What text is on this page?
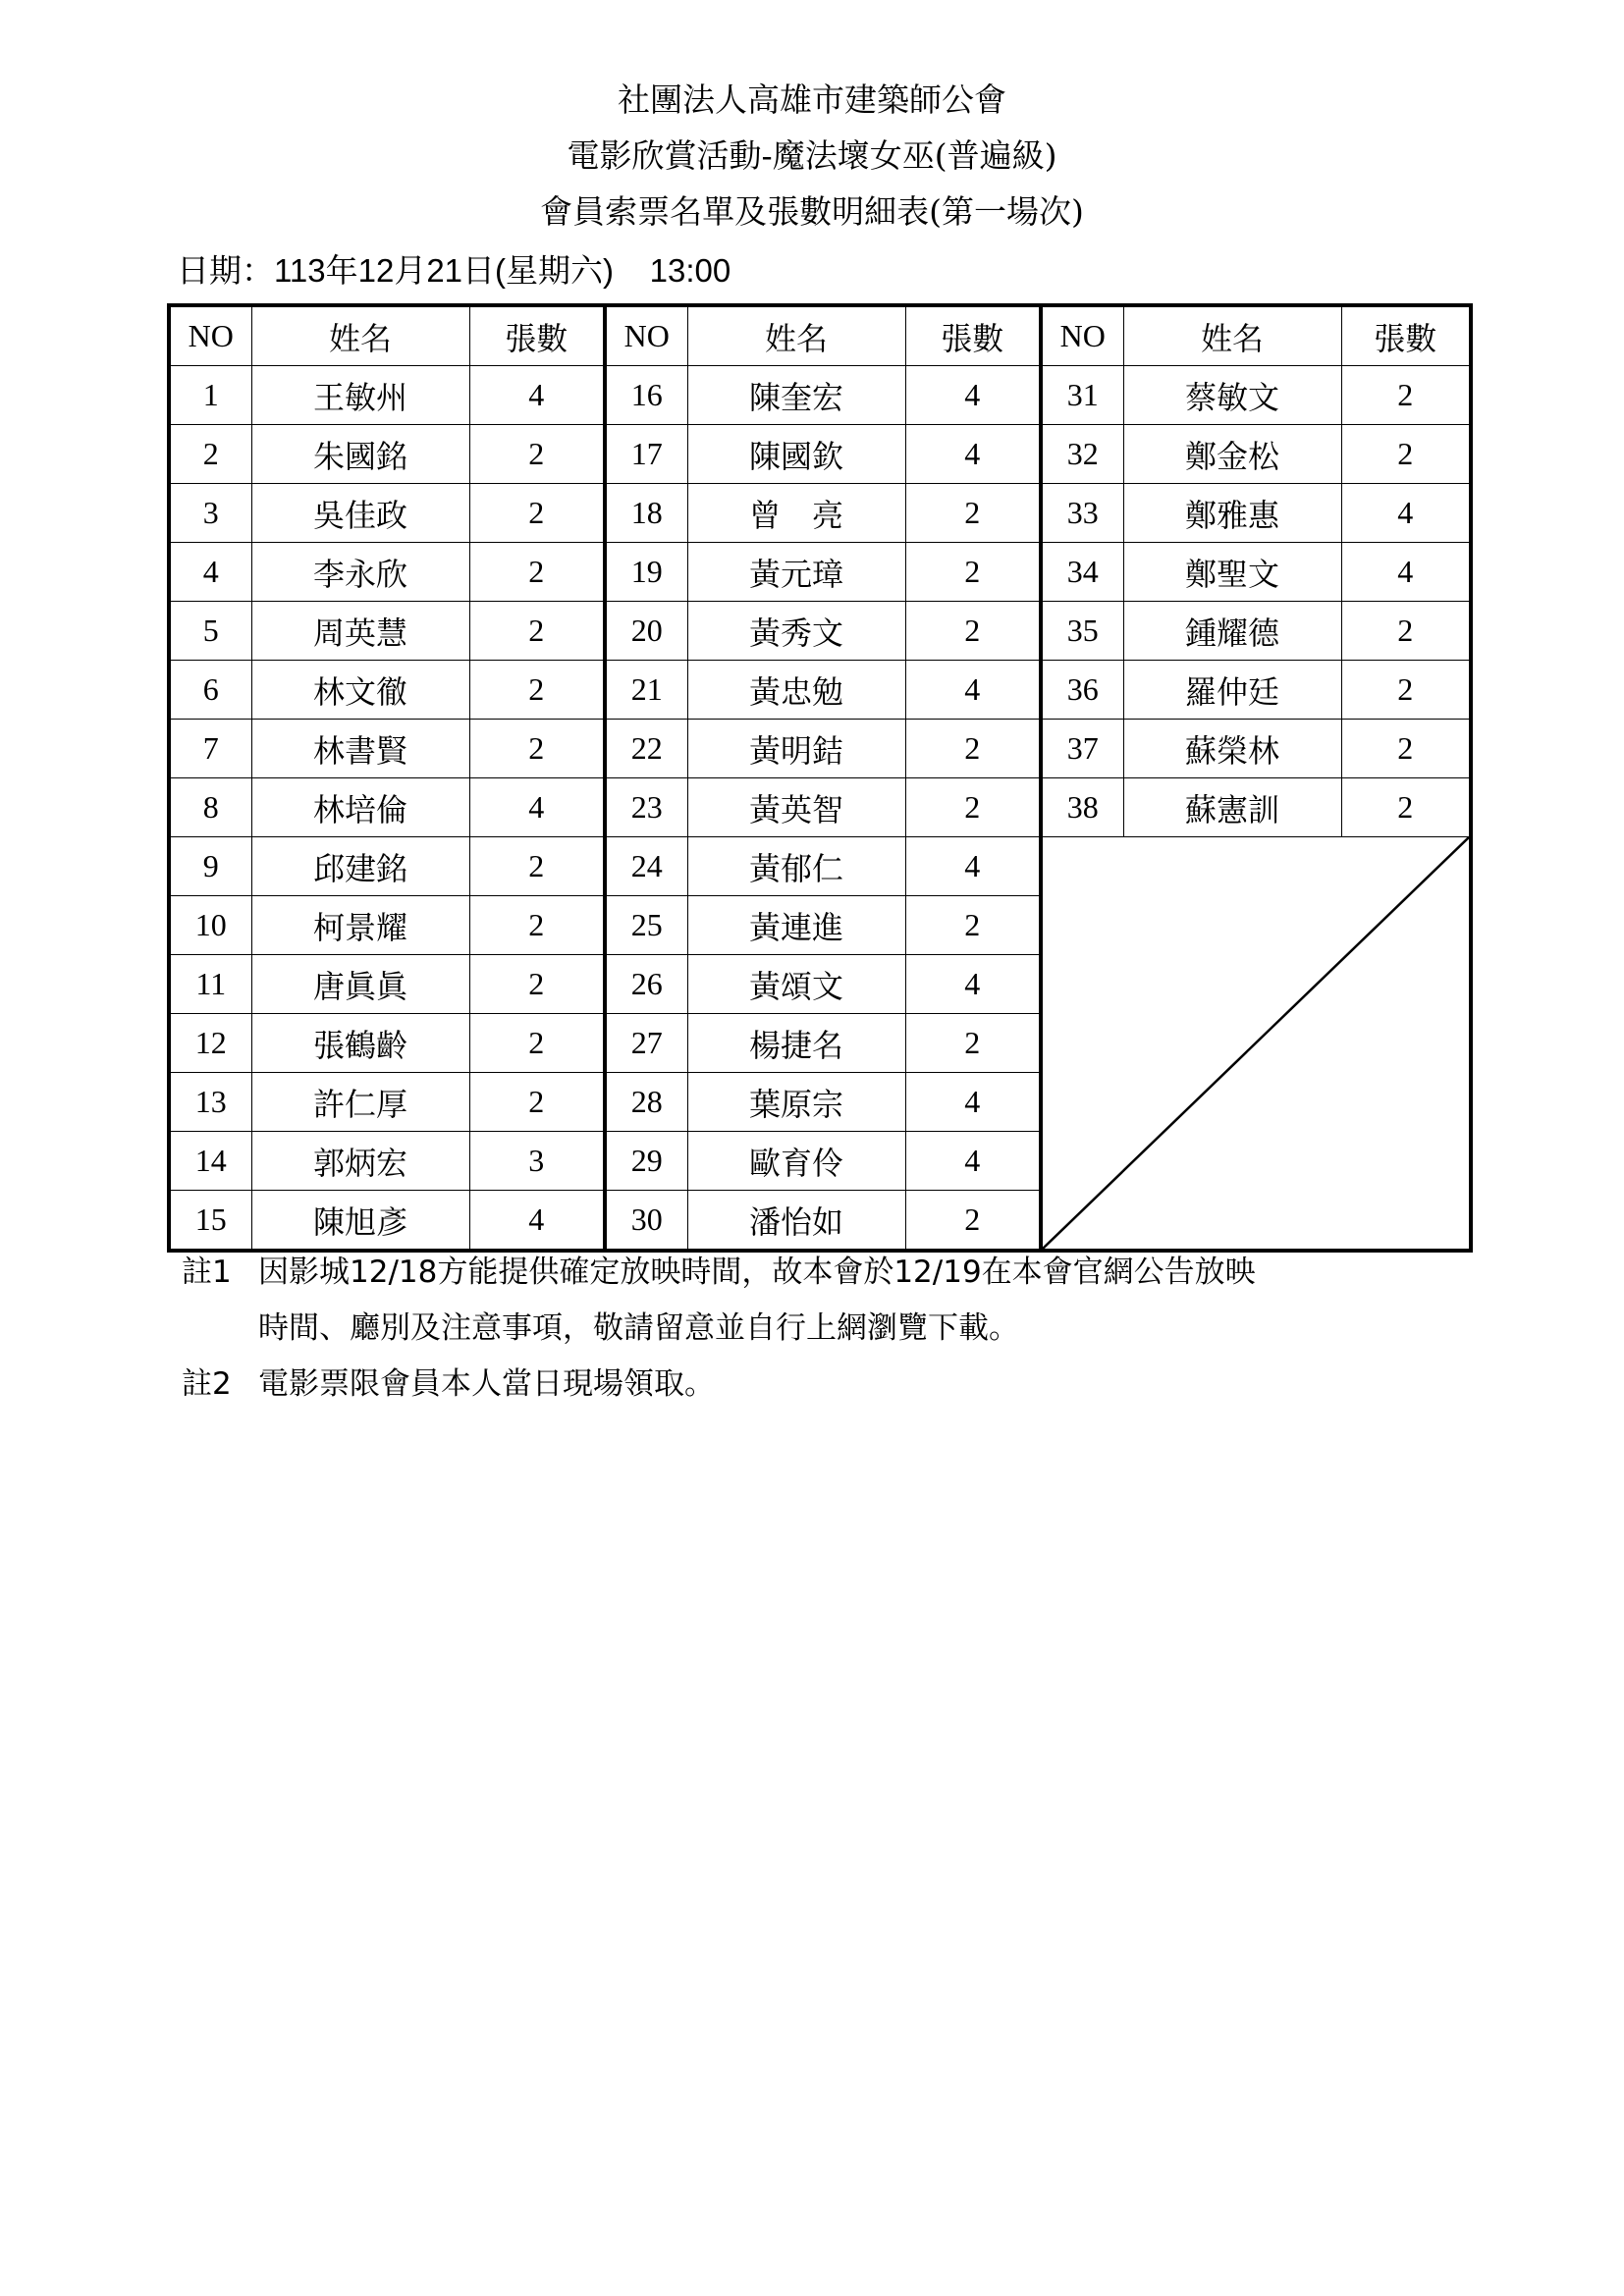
社團法人高雄市建築師公會
電影欣賞活動-魔法壞女巫(普遍級)
會員索票名單及張數明細表(第一場次)
日期：113年12月21日(星期六)    13:00
NO	姓名	張數	NO	姓名	張數	NO	姓名	張數
1	王敏州	4	16	陳奎宏	4	31	蔡敏文	2
2	朱國銘	2	17	陳國欽	4	32	鄭金松	2
3	吳佳政	2	18	曾　亮	2	33	鄭雅惠	4
4	李永欣	2	19	黃元璋	2	34	鄭聖文	4
5	周英慧	2	20	黃秀文	2	35	鍾耀德	2
6	林文徹	2	21	黃忠勉	4	36	羅仲廷	2
7	林書賢	2	22	黃明銡	2	37	蘇榮林	2
8	林培倫	4	23	黃英智	2	38	蘇憲訓	2
9	邱建銘	2	24	黃郁仁	4	

10	柯景耀	2	25	黃連進	2			
11	唐眞眞	2	26	黃頌文	4			
12	張鶴齡	2	27	楊捷名	2			
13	許仁厚	2	28	葉原宗	4			
14	郭炳宏	3	29	歐育伶	4			
15	陳旭彥	4	30	潘怡如	2			
註1 因影城12/18方能提供確定放映時間，故本會於12/19在本會官網公告放映
時間、廳別及注意事項，敬請留意並自行上網瀏覽下載。
註2 電影票限會員本人當日現場領取。
